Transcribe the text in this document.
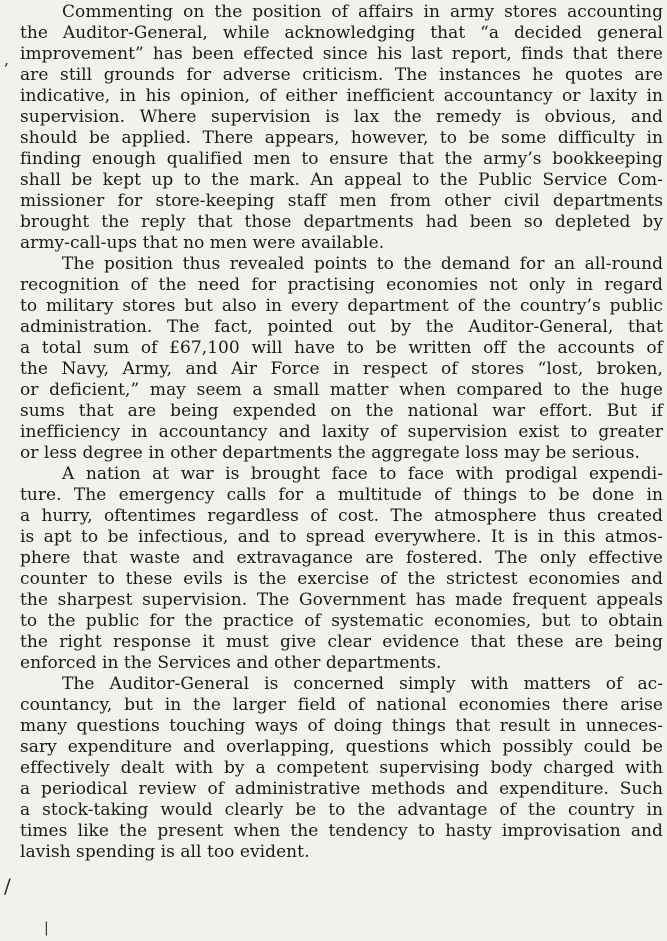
Commenting on the position of affairs in army stores accounting
the Auditor-General, while acknowledging that “a decided general
improvement” has been effected since his last report, finds that there
are still grounds for adverse criticism. The instances he quotes are
indicative, in his opinion, of either inefficient accountancy or laxity in
supervision. Where supervision is lax the remedy is obvious, and
should be applied. There appears, however, to be some difficulty in
finding enough qualified men to ensure that the army’s bookkeeping
shall be kept up to the mark. An appeal to the Public Service Com-
missioner for store-keeping staff men from other civil departments
brought the reply that those departments had been so depleted by
army-call-ups that no men were available.
The position thus revealed points to the demand for an all-round
recognition of the need for practising economies not only in regard
to military stores but also in every department of the country’s public
administration. The fact, pointed out by the Auditor-General, that
a total sum of £67,100 will have to be written off the accounts of
the Navy, Army, and Air Force in respect of stores “lost, broken,
or deficient,” may seem a small matter when compared to the huge
sums that are being expended on the national war effort. But if
inefficiency in accountancy and laxity of supervision exist to greater
or less degree in other departments the aggregate loss may be serious.
A nation at war is brought face to face with prodigal expendi-
ture. The emergency calls for a multitude of things to be done in
a hurry, oftentimes regardless of cost. The atmosphere thus created
is apt to be infectious, and to spread everywhere. It is in this atmos-
phere that waste and extravagance are fostered. The only effective
counter to these evils is the exercise of the strictest economies and
the sharpest supervision. The Government has made frequent appeals
to the public for the practice of systematic economies, but to obtain
the right response it must give clear evidence that these are being
enforced in the Services and other departments.
The Auditor-General is concerned simply with matters of ac-
countancy, but in the larger field of national economies there arise
many questions touching ways of doing things that result in unneces-
sary expenditure and overlapping, questions which possibly could be
effectively dealt with by a competent supervising body charged with
a periodical review of administrative methods and expenditure. Such
a stock-taking would clearly be to the advantage of the country in
times like the present when the tendency to hasty improvisation and
lavish spending is all too evident.
,
/
|
